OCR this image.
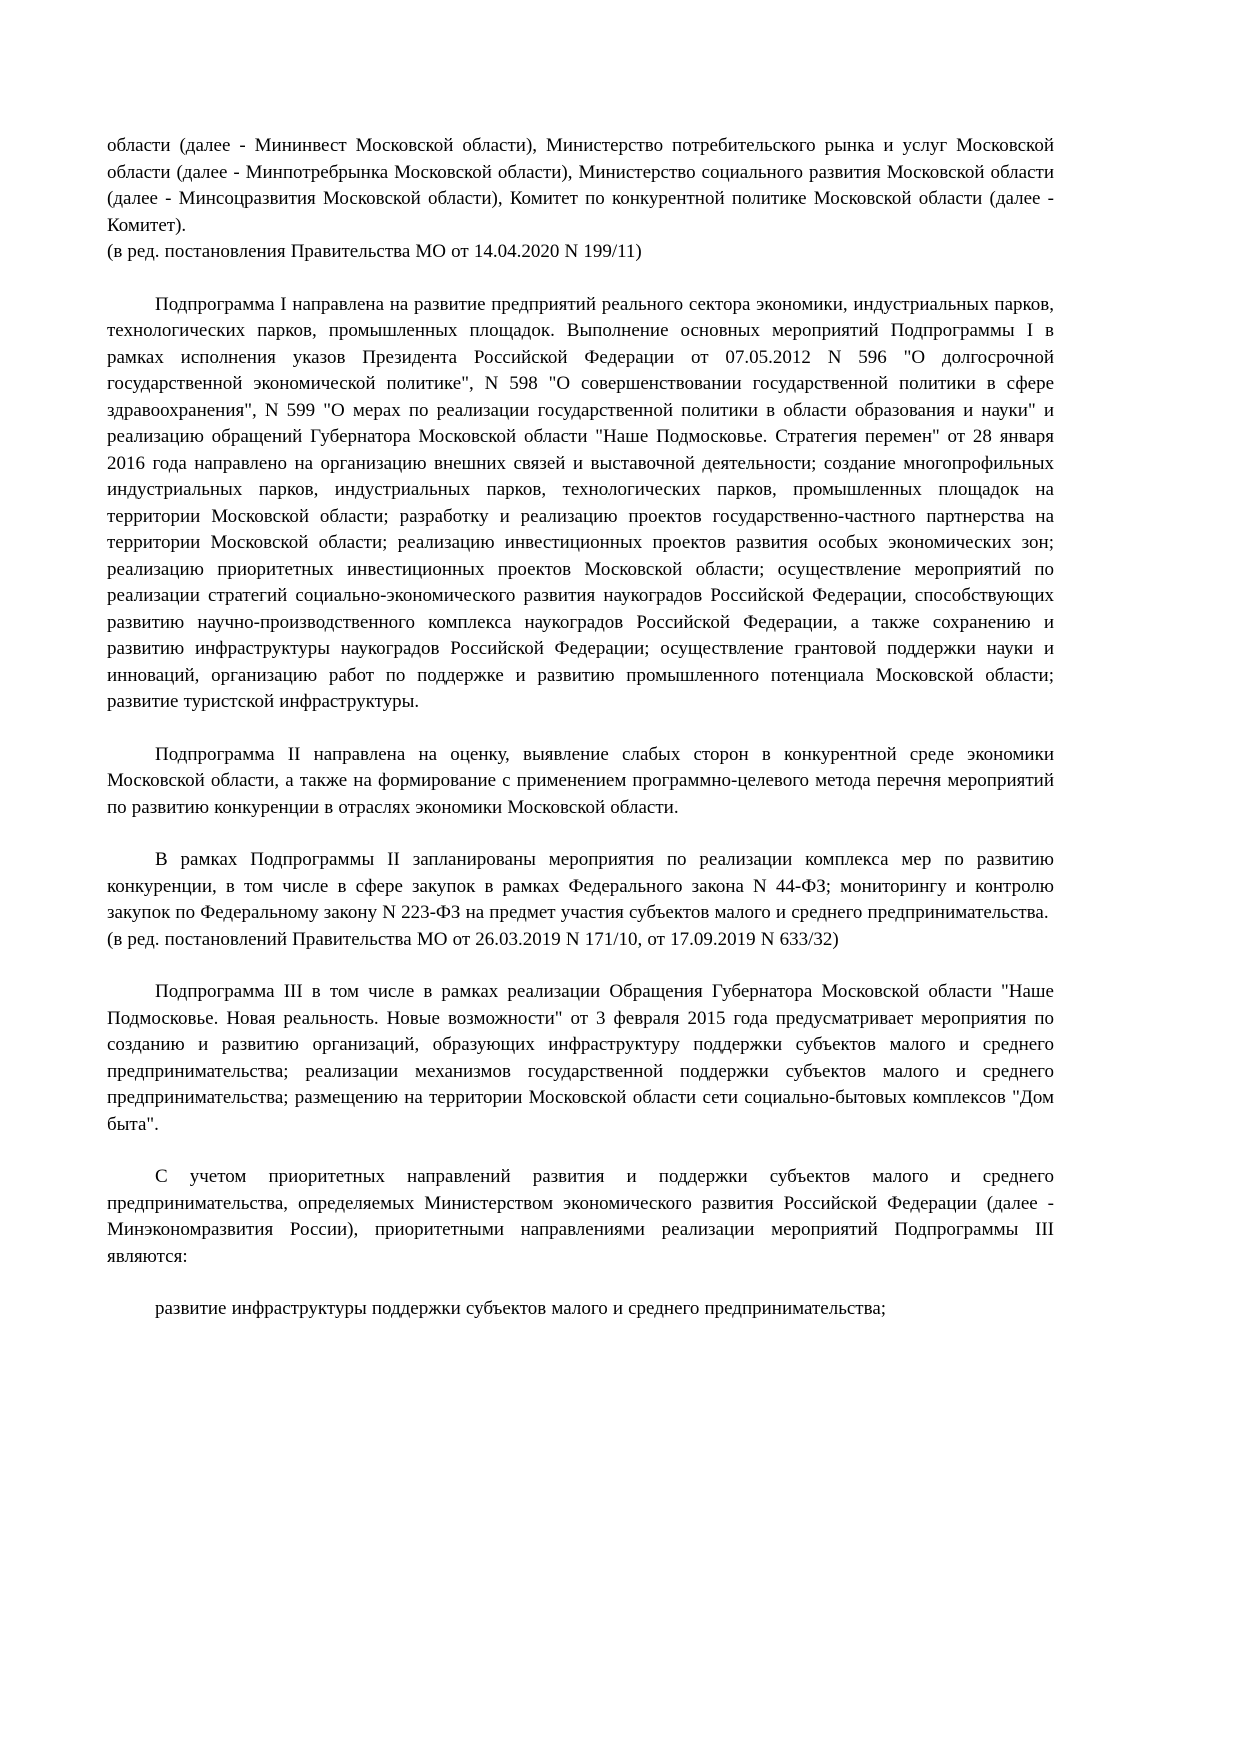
области (далее - Мининвест Московской области), Министерство потребительского рынка и услуг Московской области (далее - Минпотребрынка Московской области), Министерство социального развития Московской области (далее - Минсоцразвития Московской области), Комитет по конкурентной политике Московской области (далее - Комитет).

(в ред. постановления Правительства МО от 14.04.2020 N 199/11)

Подпрограмма I направлена на развитие предприятий реального сектора экономики, индустриальных парков, технологических парков, промышленных площадок. Выполнение основных мероприятий Подпрограммы I в рамках исполнения указов Президента Российской Федерации от 07.05.2012 N 596 "О долгосрочной государственной экономической политике", N 598 "О совершенствовании государственной политики в сфере здравоохранения", N 599 "О мерах по реализации государственной политики в области образования и науки" и реализацию обращений Губернатора Московской области "Наше Подмосковье. Стратегия перемен" от 28 января 2016 года направлено на организацию внешних связей и выставочной деятельности; создание многопрофильных индустриальных парков, индустриальных парков, технологических парков, промышленных площадок на территории Московской области; разработку и реализацию проектов государственно-частного партнерства на территории Московской области; реализацию инвестиционных проектов развития особых экономических зон; реализацию приоритетных инвестиционных проектов Московской области; осуществление мероприятий по реализации стратегий социально-экономического развития наукоградов Российской Федерации, способствующих развитию научно-производственного комплекса наукоградов Российской Федерации, а также сохранению и развитию инфраструктуры наукоградов Российской Федерации; осуществление грантовой поддержки науки и инноваций, организацию работ по поддержке и развитию промышленного потенциала Московской области; развитие туристской инфраструктуры.

Подпрограмма II направлена на оценку, выявление слабых сторон в конкурентной среде экономики Московской области, а также на формирование с применением программно-целевого метода перечня мероприятий по развитию конкуренции в отраслях экономики Московской области.

В рамках Подпрограммы II запланированы мероприятия по реализации комплекса мер по развитию конкуренции, в том числе в сфере закупок в рамках Федерального закона N 44-ФЗ; мониторингу и контролю закупок по Федеральному закону N 223-ФЗ на предмет участия субъектов малого и среднего предпринимательства.

(в ред. постановлений Правительства МО от 26.03.2019 N 171/10, от 17.09.2019 N 633/32)

Подпрограмма III в том числе в рамках реализации Обращения Губернатора Московской области "Наше Подмосковье. Новая реальность. Новые возможности" от 3 февраля 2015 года предусматривает мероприятия по созданию и развитию организаций, образующих инфраструктуру поддержки субъектов малого и среднего предпринимательства; реализации механизмов государственной поддержки субъектов малого и среднего предпринимательства; размещению на территории Московской области сети социально-бытовых комплексов "Дом быта".

С учетом приоритетных направлений развития и поддержки субъектов малого и среднего предпринимательства, определяемых Министерством экономического развития Российской Федерации (далее - Минэкономразвития России), приоритетными направлениями реализации мероприятий Подпрограммы III являются:

развитие инфраструктуры поддержки субъектов малого и среднего предпринимательства;
